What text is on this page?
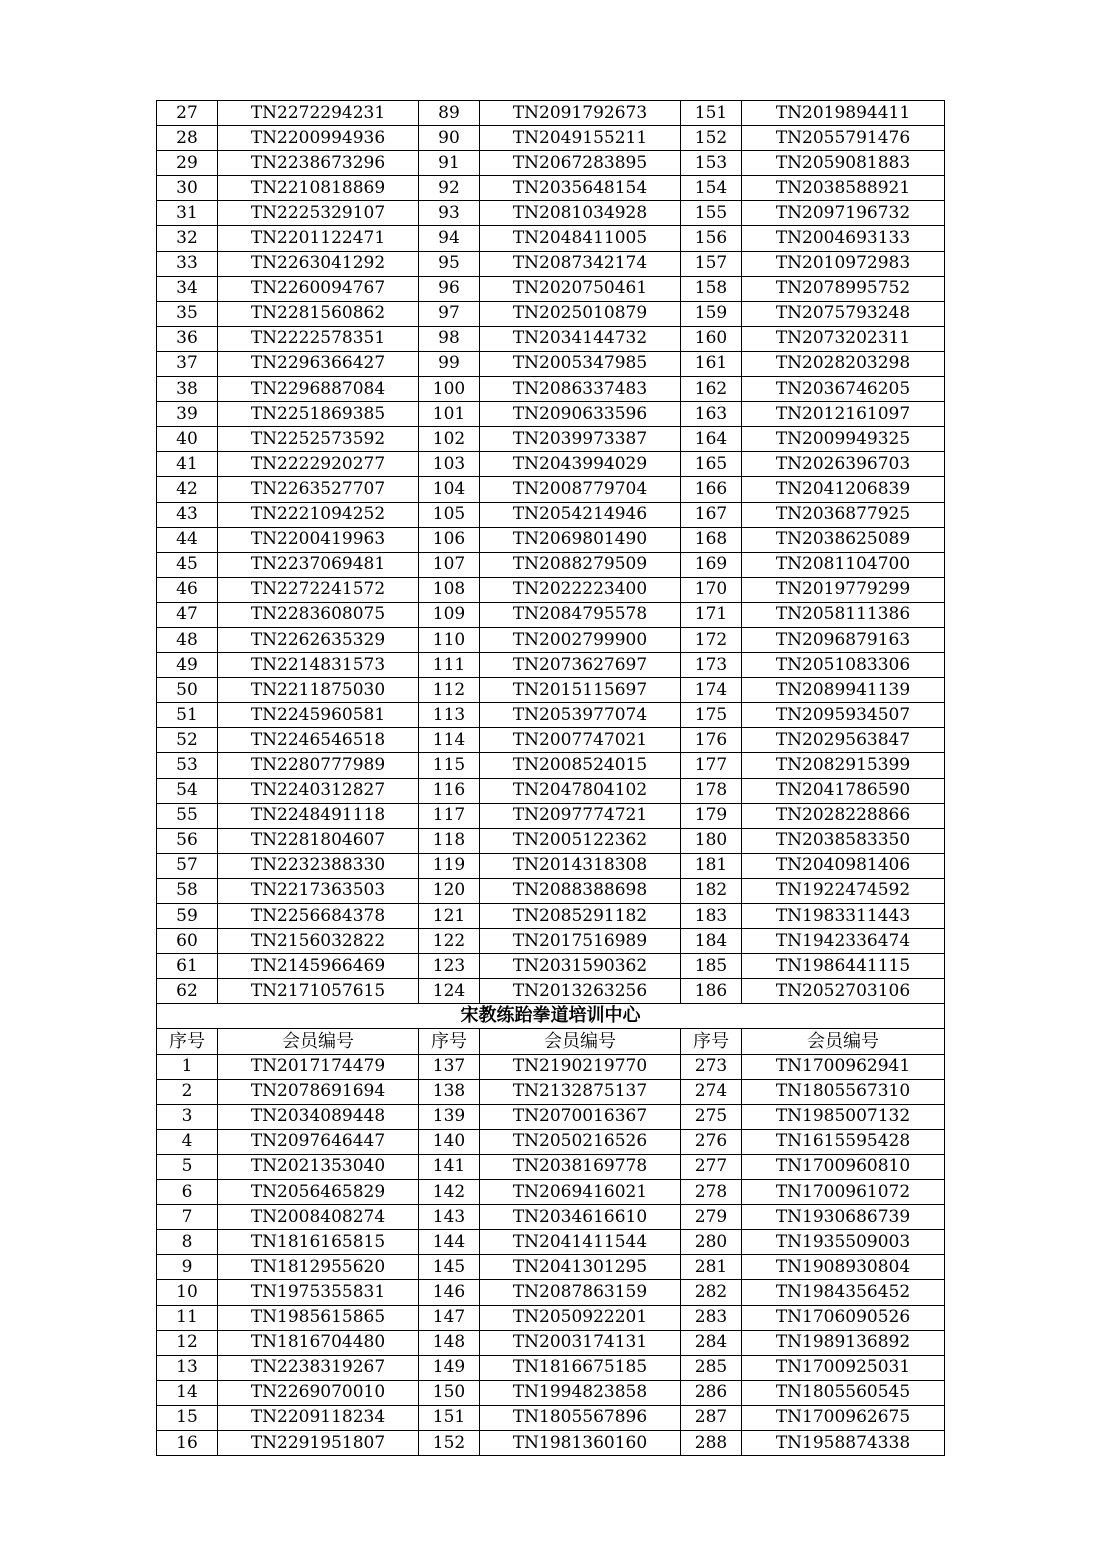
27	TN2272294231	89	TN2091792673	151	TN2019894411
28	TN2200994936	90	TN2049155211	152	TN2055791476
29	TN2238673296	91	TN2067283895	153	TN2059081883
30	TN2210818869	92	TN2035648154	154	TN2038588921
31	TN2225329107	93	TN2081034928	155	TN2097196732
32	TN2201122471	94	TN2048411005	156	TN2004693133
33	TN2263041292	95	TN2087342174	157	TN2010972983
34	TN2260094767	96	TN2020750461	158	TN2078995752
35	TN2281560862	97	TN2025010879	159	TN2075793248
36	TN2222578351	98	TN2034144732	160	TN2073202311
37	TN2296366427	99	TN2005347985	161	TN2028203298
38	TN2296887084	100	TN2086337483	162	TN2036746205
39	TN2251869385	101	TN2090633596	163	TN2012161097
40	TN2252573592	102	TN2039973387	164	TN2009949325
41	TN2222920277	103	TN2043994029	165	TN2026396703
42	TN2263527707	104	TN2008779704	166	TN2041206839
43	TN2221094252	105	TN2054214946	167	TN2036877925
44	TN2200419963	106	TN2069801490	168	TN2038625089
45	TN2237069481	107	TN2088279509	169	TN2081104700
46	TN2272241572	108	TN2022223400	170	TN2019779299
47	TN2283608075	109	TN2084795578	171	TN2058111386
48	TN2262635329	110	TN2002799900	172	TN2096879163
49	TN2214831573	111	TN2073627697	173	TN2051083306
50	TN2211875030	112	TN2015115697	174	TN2089941139
51	TN2245960581	113	TN2053977074	175	TN2095934507
52	TN2246546518	114	TN2007747021	176	TN2029563847
53	TN2280777989	115	TN2008524015	177	TN2082915399
54	TN2240312827	116	TN2047804102	178	TN2041786590
55	TN2248491118	117	TN2097774721	179	TN2028228866
56	TN2281804607	118	TN2005122362	180	TN2038583350
57	TN2232388330	119	TN2014318308	181	TN2040981406
58	TN2217363503	120	TN2088388698	182	TN1922474592
59	TN2256684378	121	TN2085291182	183	TN1983311443
60	TN2156032822	122	TN2017516989	184	TN1942336474
61	TN2145966469	123	TN2031590362	185	TN1986441115
62	TN2171057615	124	TN2013263256	186	TN2052703106
宋教练跆拳道培训中心					
序号	会员编号	序号	会员编号	序号	会员编号
1	TN2017174479	137	TN2190219770	273	TN1700962941
2	TN2078691694	138	TN2132875137	274	TN1805567310
3	TN2034089448	139	TN2070016367	275	TN1985007132
4	TN2097646447	140	TN2050216526	276	TN1615595428
5	TN2021353040	141	TN2038169778	277	TN1700960810
6	TN2056465829	142	TN2069416021	278	TN1700961072
7	TN2008408274	143	TN2034616610	279	TN1930686739
8	TN1816165815	144	TN2041411544	280	TN1935509003
9	TN1812955620	145	TN2041301295	281	TN1908930804
10	TN1975355831	146	TN2087863159	282	TN1984356452
11	TN1985615865	147	TN2050922201	283	TN1706090526
12	TN1816704480	148	TN2003174131	284	TN1989136892
13	TN2238319267	149	TN1816675185	285	TN1700925031
14	TN2269070010	150	TN1994823858	286	TN1805560545
15	TN2209118234	151	TN1805567896	287	TN1700962675
16	TN2291951807	152	TN1981360160	288	TN1958874338
